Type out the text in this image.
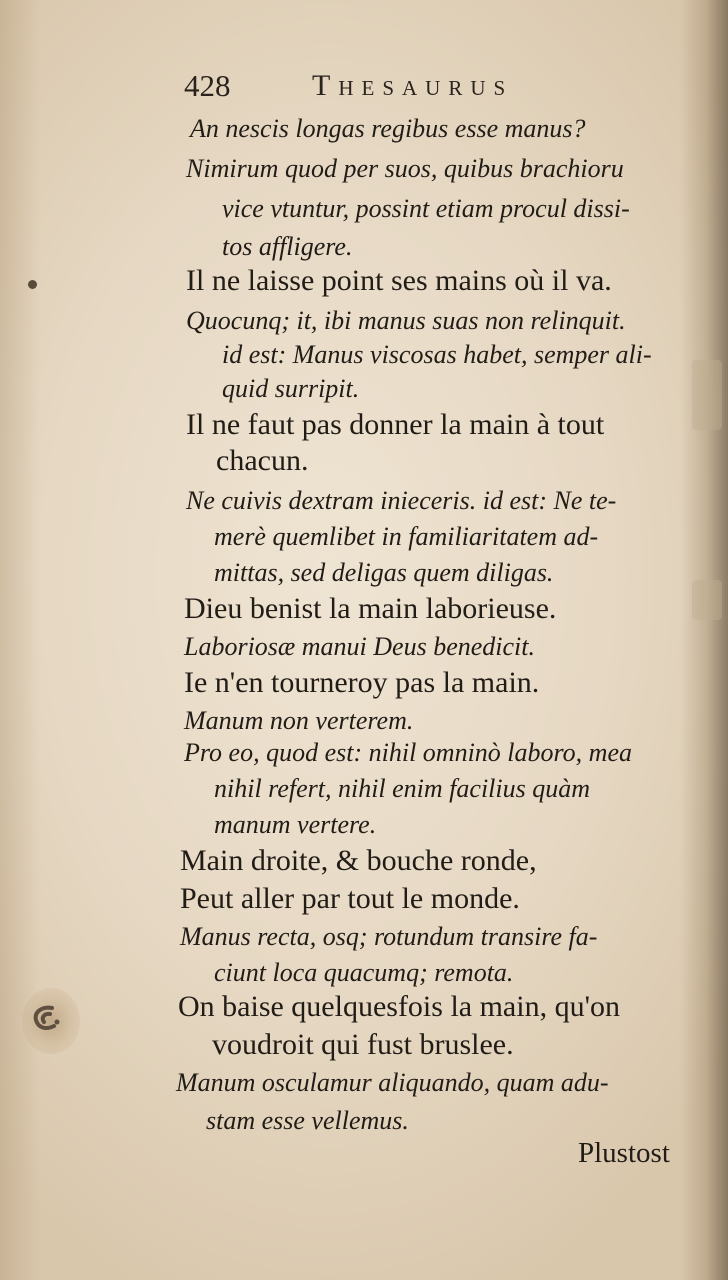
428	Thesaurus
An nescis longas regibus esse manus?
Nimirum quod per suos, quibus brachioru
vice vtuntur, possint etiam procul dissi-
tos affligere.
Il ne laisse point ses mains où il va.
Quocunq; it, ibi manus suas non relinquit.
id est: Manus viscosas habet, semper ali-
quid surripit.
Il ne faut pas donner la main à tout
chacun.
Ne cuivis dextram inieceris. id est: Ne te-
merè quemlibet in familiaritatem ad-
mittas, sed deligas quem diligas.
Dieu benist la main laborieuse.
Laboriosæ manui Deus benedicit.
Ie n'en tourneroy pas la main.
Manum non verterem.
Pro eo, quod est: nihil omninò laboro, mea
nihil refert, nihil enim facilius quàm
manum vertere.
Main droite, & bouche ronde,
Peut aller par tout le monde.
Manus recta, osq; rotundum transire fa-
ciunt loca quacumq; remota.
On baise quelquesfois la main, qu'on
voudroit qui fust bruslee.
Manum osculamur aliquando, quam adu-
stam esse vellemus.
Plustost
